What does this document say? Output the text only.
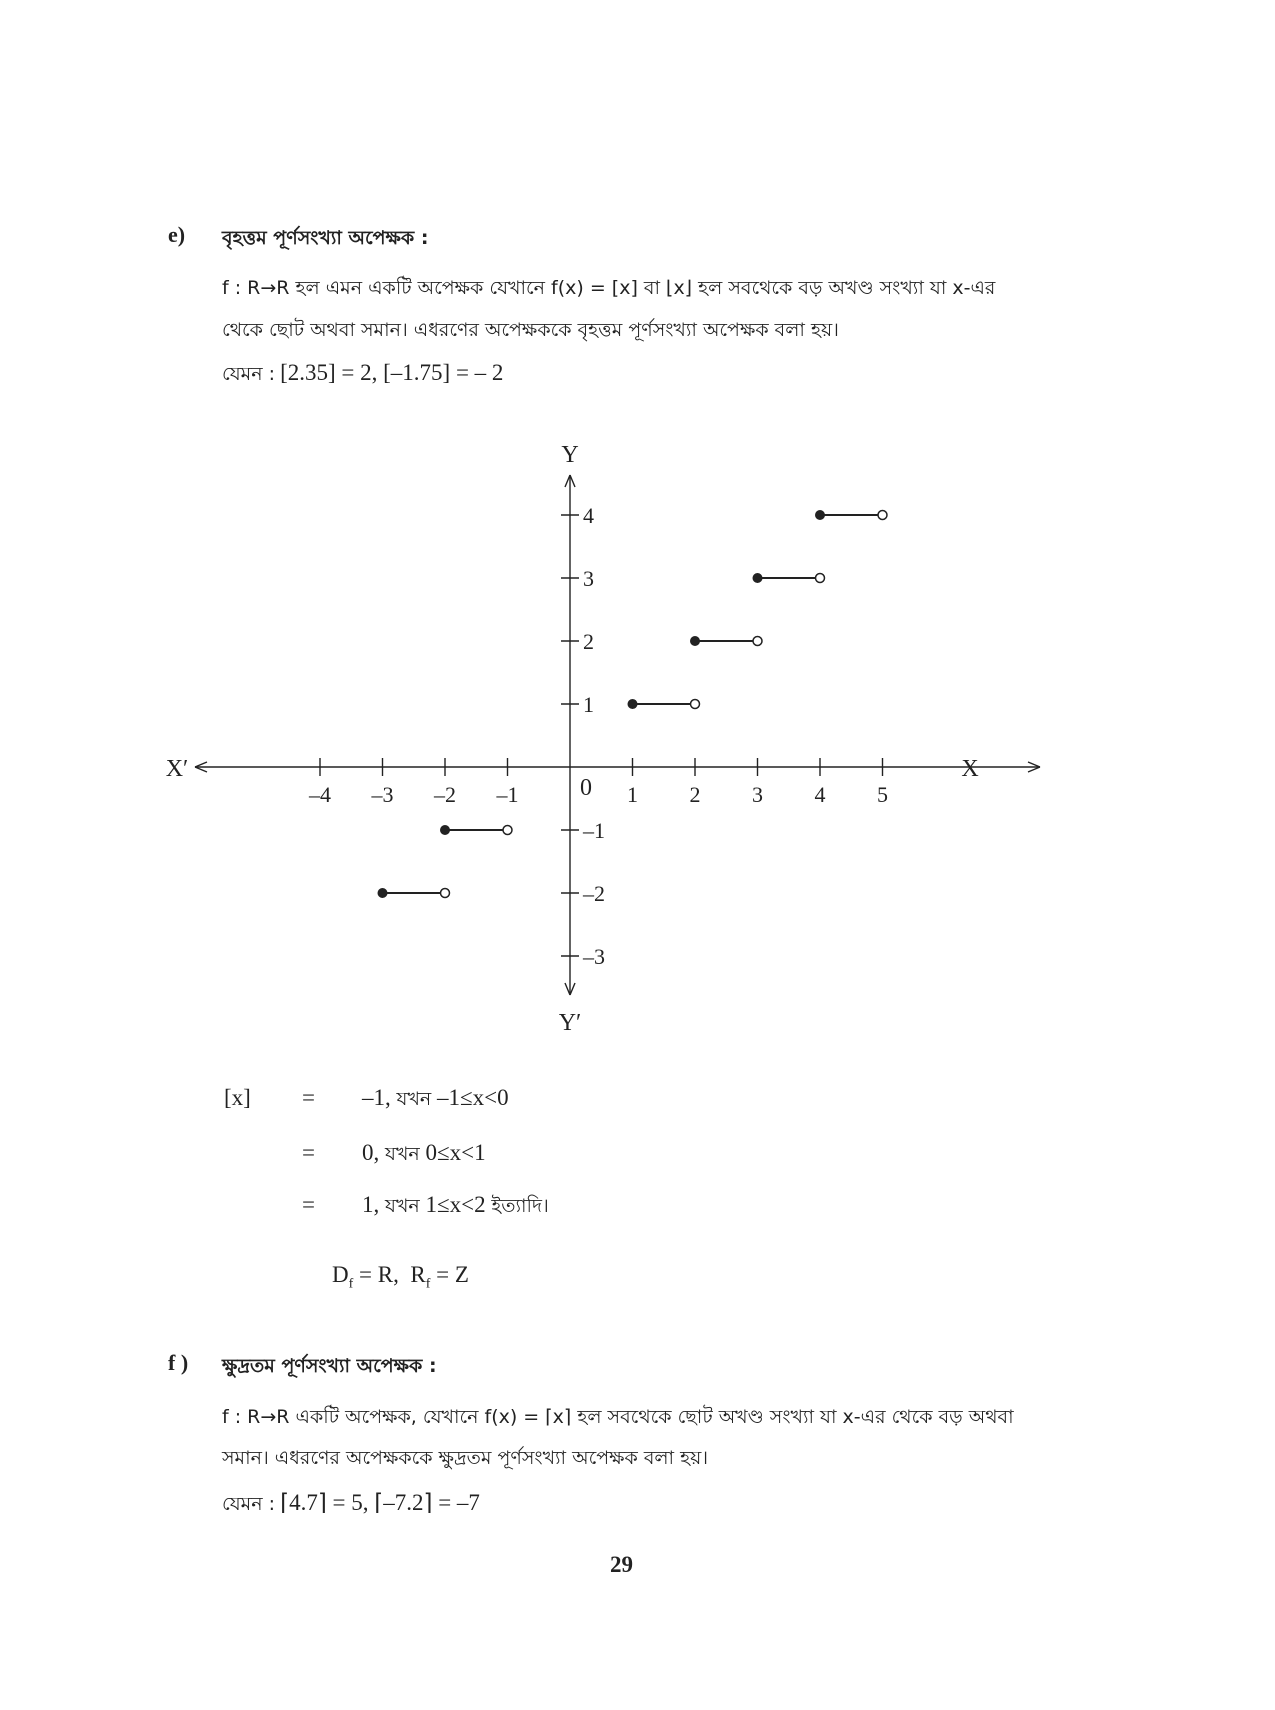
e) বৃহত্তম পূর্ণসংখ্যা অপেক্ষক :
f : R→R হল এমন একটি অপেক্ষক যেখানে f(x) = [x] বা ⌊x⌋ হল সবথেকে বড় অখণ্ড সংখ্যা যা x-এর
থেকে ছোট অথবা সমান। এধরণের অপেক্ষককে বৃহত্তম পূর্ণসংখ্যা অপেক্ষক বলা হয়।
যেমন : [2.35] = 2, [–1.75] = – 2
–4 –3 –2 –1	1 2 3 4 5
4
3
2
1
–1
–2
–3
X
X′
Y
Y′
0
[x] = –1, যখন –1≤x<0
= 0, যখন 0≤x<1
= 1, যখন 1≤x<2 ইত্যাদি।
$D_f = R$, $R_f = Z$
f ) ক্ষুদ্রতম পূর্ণসংখ্যা অপেক্ষক :
f : R→R একটি অপেক্ষক, যেখানে f(x) = ⌈x⌉ হল সবথেকে ছোট অখণ্ড সংখ্যা যা x-এর থেকে বড় অথবা
সমান। এধরণের অপেক্ষককে ক্ষুদ্রতম পূর্ণসংখ্যা অপেক্ষক বলা হয়।
যেমন : ⌈4.7⌉ = 5, ⌈–7.2⌉ = –7
29
